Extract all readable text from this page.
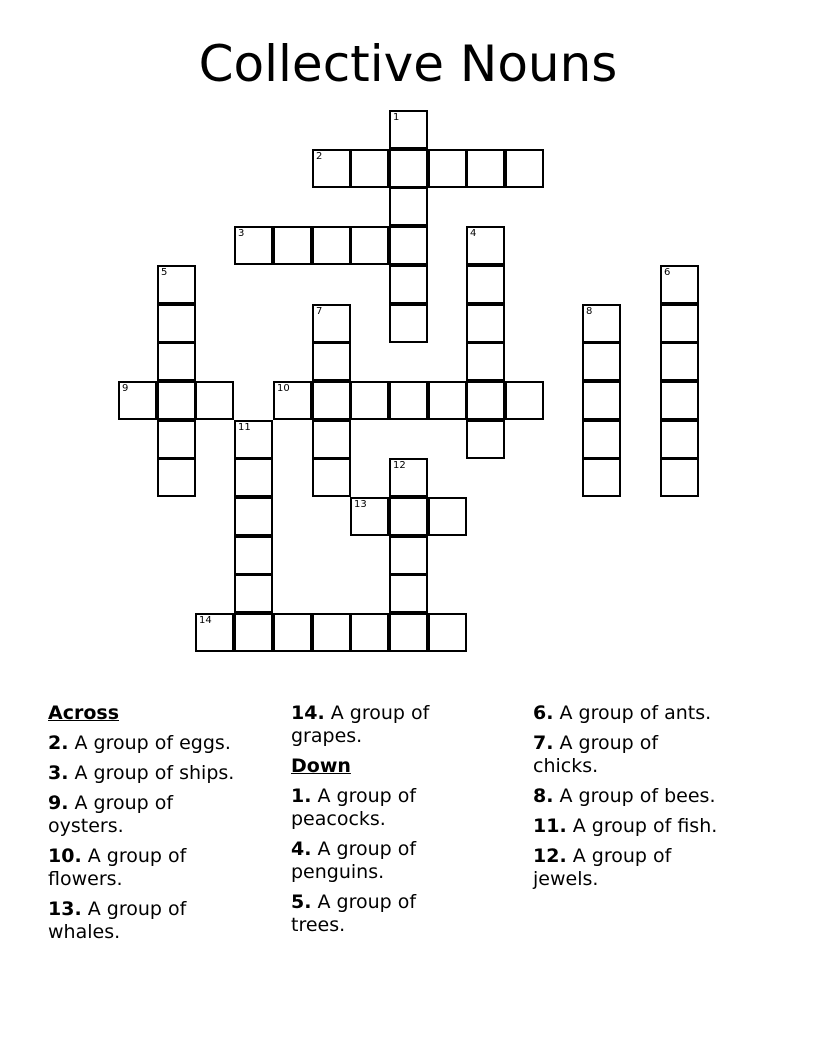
Collective Nouns
1
2
3	4
5	6
7	8
9	10
11
12
13
14
Across
2. A group of eggs.
3. A group of ships.
9. A group of oysters.
10. A group of flowers.
13. A group of whales.
14. A group of grapes.
Down
1. A group of peacocks.
4. A group of penguins.
5. A group of trees.
6. A group of ants.
7. A group of chicks.
8. A group of bees.
11. A group of fish.
12. A group of jewels.
